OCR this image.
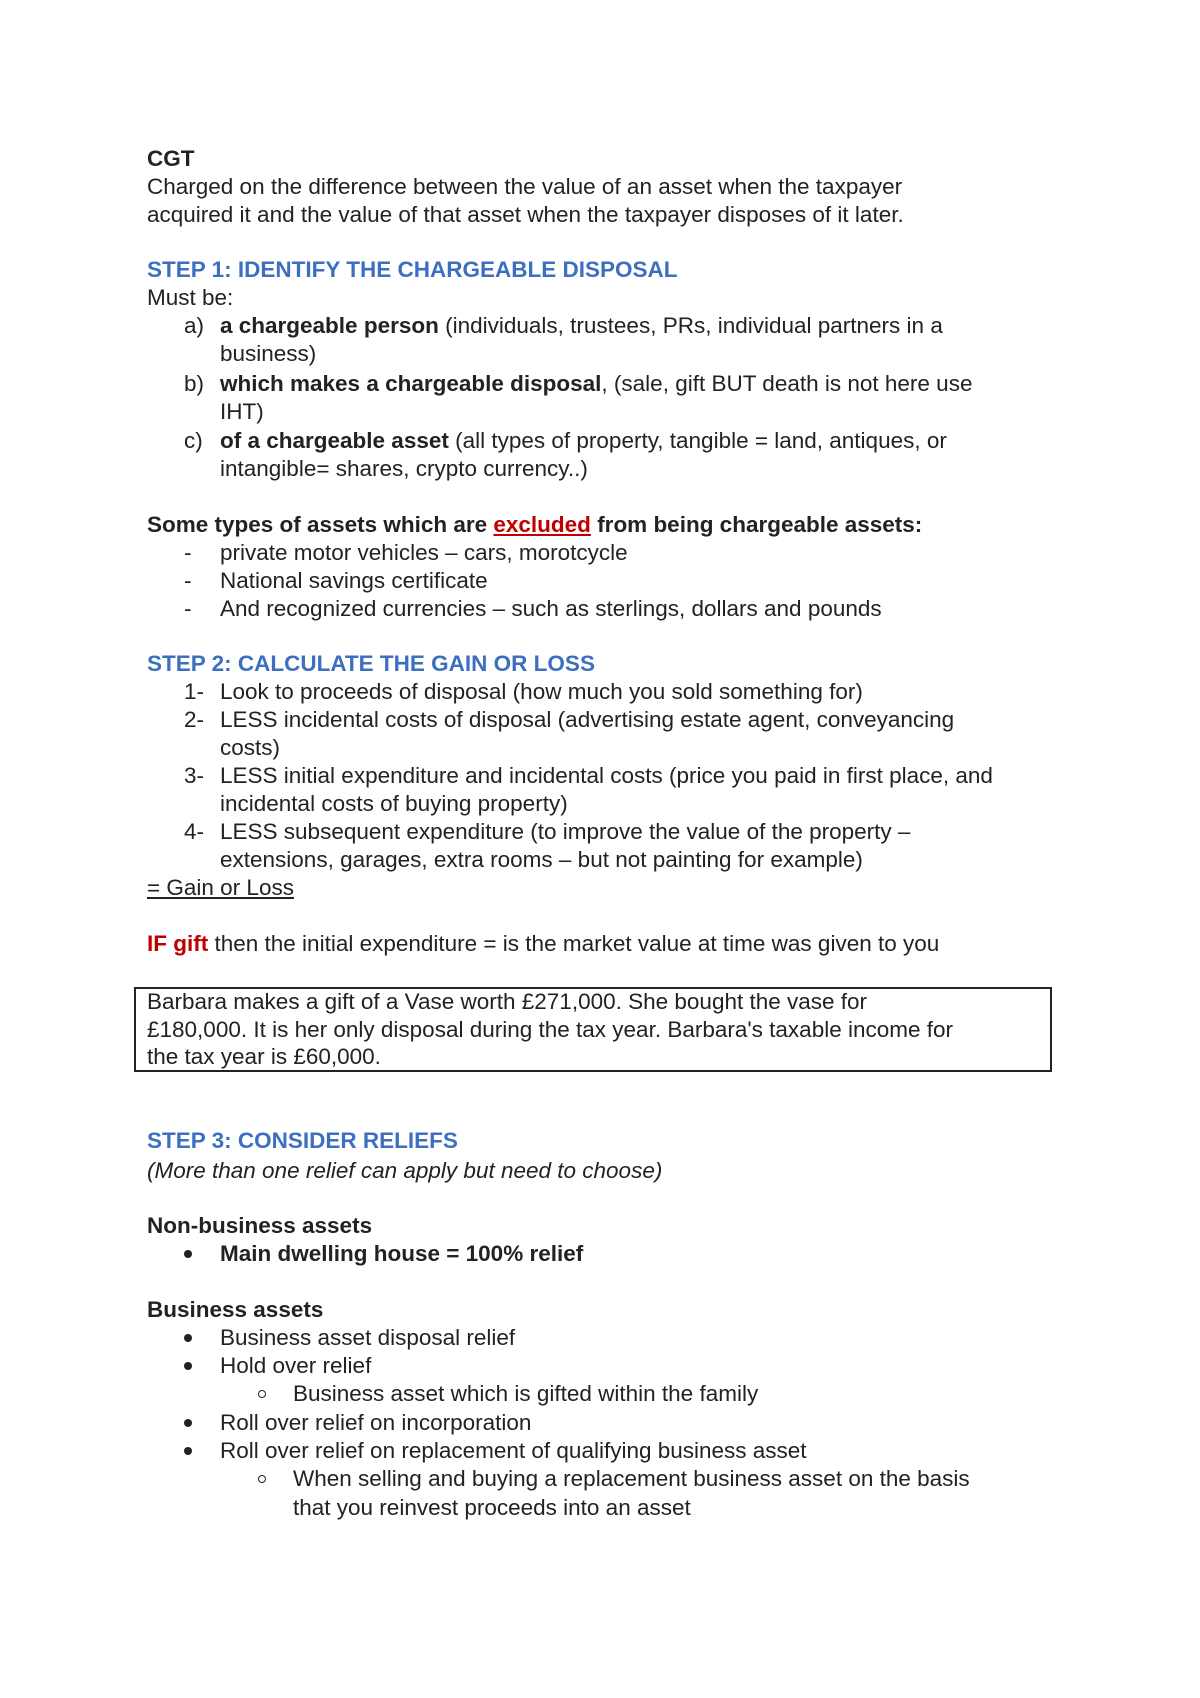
CGT
Charged on the difference between the value of an asset when the taxpayer
acquired it and the value of that asset when the taxpayer disposes of it later.
STEP 1: IDENTIFY THE CHARGEABLE DISPOSAL
Must be:
a) a chargeable person (individuals, trustees, PRs, individual partners in a
business)
b) which makes a chargeable disposal, (sale, gift BUT death is not here use
IHT)
c) of a chargeable asset (all types of property, tangible = land, antiques, or
intangible= shares, crypto currency..)
Some types of assets which are excluded from being chargeable assets:
- private motor vehicles – cars, morotcycle
- National savings certificate
- And recognized currencies – such as sterlings, dollars and pounds
STEP 2: CALCULATE THE GAIN OR LOSS
1- Look to proceeds of disposal (how much you sold something for)
2- LESS incidental costs of disposal (advertising estate agent, conveyancing
costs)
3- LESS initial expenditure and incidental costs (price you paid in first place, and
incidental costs of buying property)
4- LESS subsequent expenditure (to improve the value of the property –
extensions, garages, extra rooms – but not painting for example)
= Gain or Loss
IF gift then the initial expenditure = is the market value at time was given to you
Barbara makes a gift of a Vase worth £271,000. She bought the vase for
£180,000. It is her only disposal during the tax year. Barbara's taxable income for
the tax year is £60,000.
STEP 3: CONSIDER RELIEFS
(More than one relief can apply but need to choose)
Non-business assets
Main dwelling house = 100% relief
Business assets
Business asset disposal relief
Hold over relief
Business asset which is gifted within the family
Roll over relief on incorporation
Roll over relief on replacement of qualifying business asset
When selling and buying a replacement business asset on the basis
that you reinvest proceeds into an asset
